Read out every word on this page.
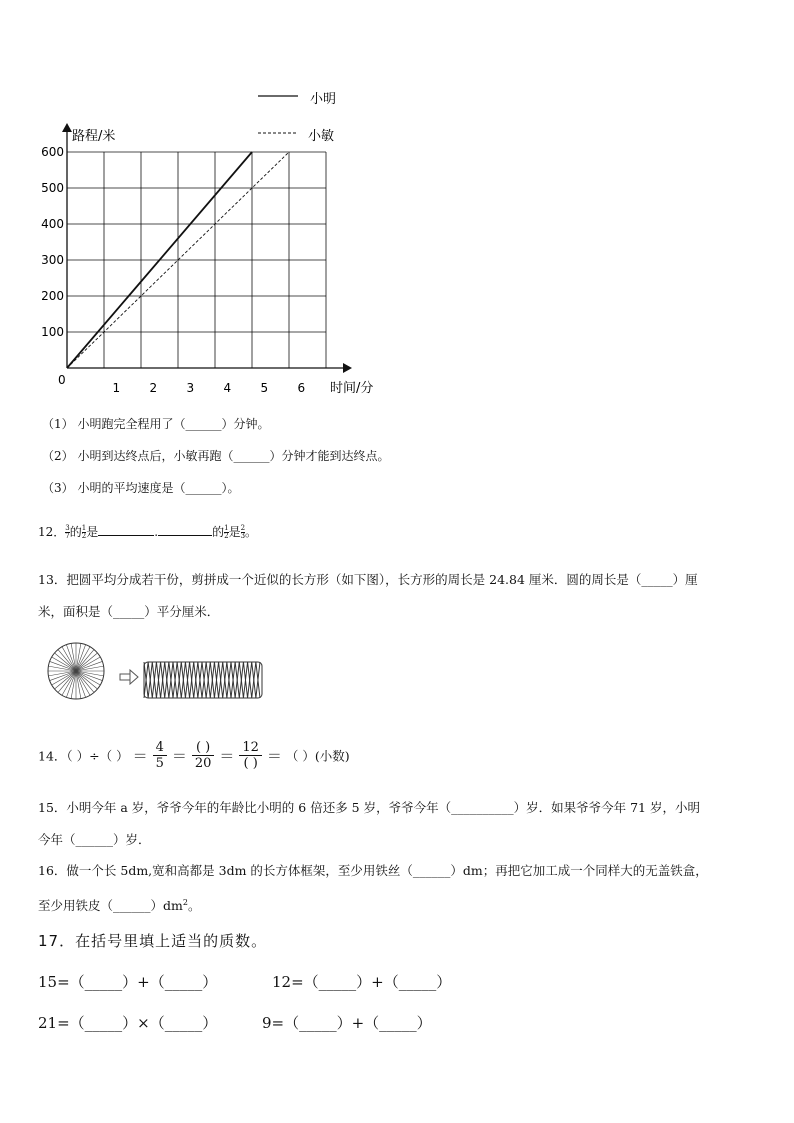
小明
小敏
路程/米
时间/分
0
1 2 3 4 5 6
100
200
300
400
500
600
（1） 小明跑完全程用了（______）分钟。
（2） 小明到达终点后，小敏再跑（______）分钟才能到达终点。
（3） 小明的平均速度是（______）。
12． $\frac{3}{7}$的 $\frac{1}{2}$是	.	的 $\frac{1}{2}$是 $\frac{2}{3}$。
13．把圆平均分成若干份，剪拼成一个近似的长方形（如下图），长方形的周长是 24.84 厘米．圆的周长是（_____）厘
米，面积是（_____）平分厘米．
14．（ ）÷（ ） ＝ $\frac{4}{5} = \frac{( )}{20} = \frac{12}{( )}$ ＝ （ ）(小数)
15．小明今年 a 岁，爷爷今年的年龄比小明的 6 倍还多 5 岁，爷爷今年（__________）岁．如果爷爷今年 71 岁，小明
今年（______）岁．
16．做一个长 5dm,宽和高都是 3dm 的长方体框架，至少用铁丝（______）dm；再把它加工成一个同样大的无盖铁盒，
至少用铁皮$(\_\_\_\_\_\_)dm^2$。
17．在括号里填上适当的质数。
15=（_____）+（_____）	12=（_____）+（_____）
21=（_____）×（_____）	9=（_____）+（_____）
